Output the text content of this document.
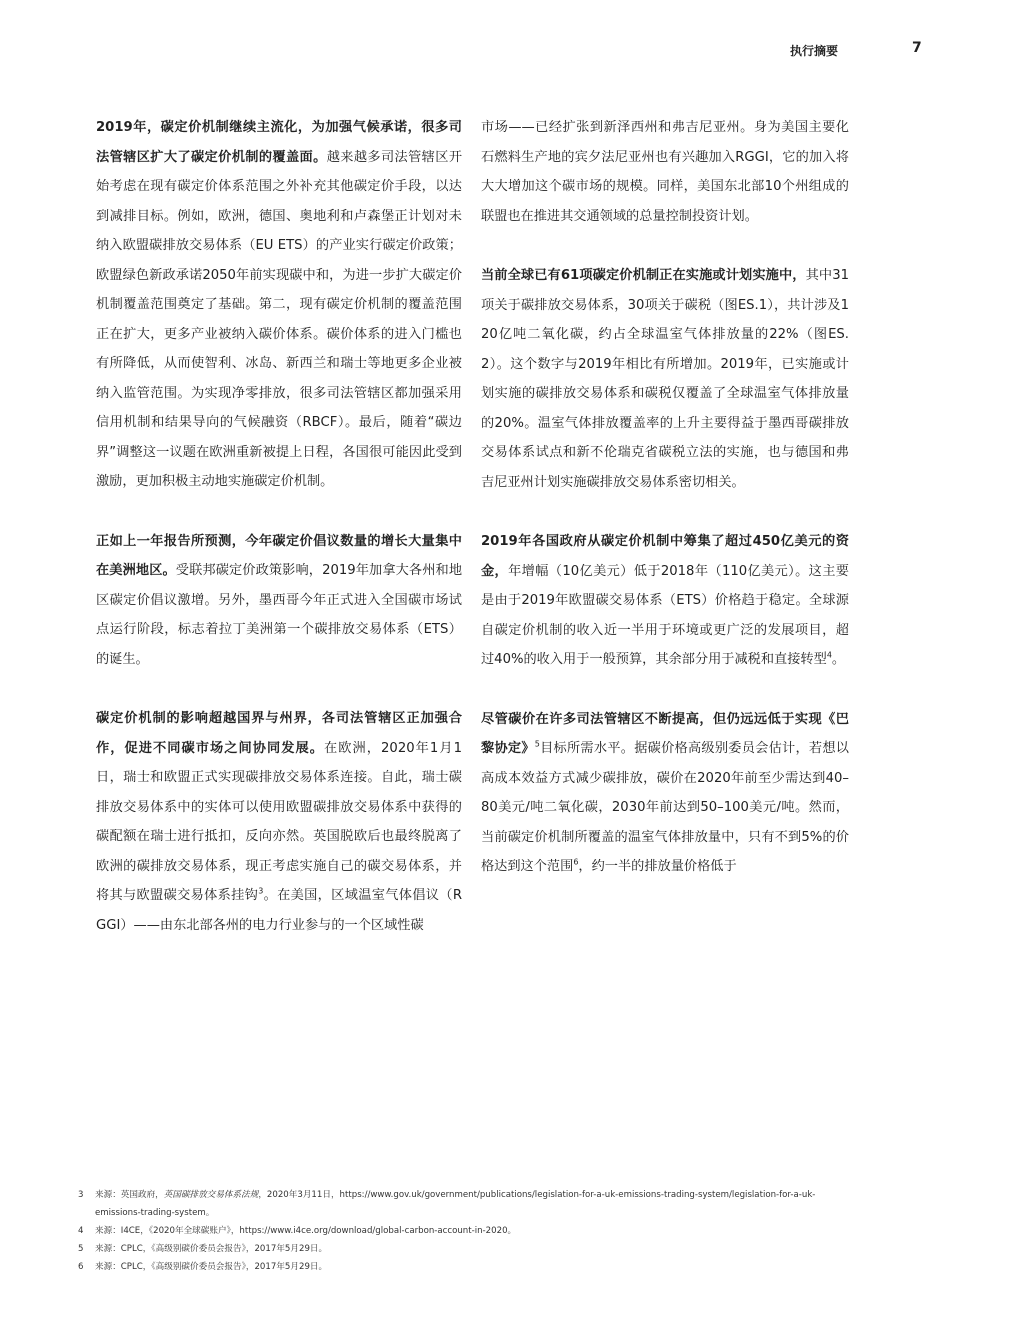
执行摘要	7

2019年，碳定价机制继续主流化，为加强气候承诺，很多司法管辖区扩大了碳定价机制的覆盖面。越来越多司法管辖区开始考虑在现有碳定价体系范围之外补充其他碳定价手段，以达到减排目标。例如，欧洲，德国、奥地利和卢森堡正计划对未纳入欧盟碳排放交易体系（EU ETS）的产业实行碳定价政策；欧盟绿色新政承诺2050年前实现碳中和，为进一步扩大碳定价机制覆盖范围奠定了基础。第二，现有碳定价机制的覆盖范围正在扩大，更多产业被纳入碳价体系。碳价体系的进入门槛也有所降低，从而使智利、冰岛、新西兰和瑞士等地更多企业被纳入监管范围。为实现净零排放，很多司法管辖区都加强采用信用机制和结果导向的气候融资（RBCF）。最后，随着“碳边界”调整这一议题在欧洲重新被提上日程，各国很可能因此受到激励，更加积极主动地实施碳定价机制。

正如上一年报告所预测，今年碳定价倡议数量的增长大量集中在美洲地区。受联邦碳定价政策影响，2019年加拿大各州和地区碳定价倡议激增。另外，墨西哥今年正式进入全国碳市场试点运行阶段，标志着拉丁美洲第一个碳排放交易体系（ETS）的诞生。

碳定价机制的影响超越国界与州界，各司法管辖区正加强合作，促进不同碳市场之间协同发展。在欧洲，2020年1月1日，瑞士和欧盟正式实现碳排放交易体系连接。自此，瑞士碳排放交易体系中的实体可以使用欧盟碳排放交易体系中获得的碳配额在瑞士进行抵扣，反向亦然。英国脱欧后也最终脱离了欧洲的碳排放交易体系，现正考虑实施自己的碳交易体系，并将其与欧盟碳交易体系挂钩$^3$。在美国，区域温室气体倡议（RGGI）——由东北部各州的电力行业参与的一个区域性碳

市场——已经扩张到新泽西州和弗吉尼亚州。身为美国主要化石燃料生产地的宾夕法尼亚州也有兴趣加入RGGI，它的加入将大大增加这个碳市场的规模。同样，美国东北部10个州组成的联盟也在推进其交通领域的总量控制投资计划。

当前全球已有61项碳定价机制正在实施或计划实施中，其中31项关于碳排放交易体系，30项关于碳税（图ES.1），共计涉及120亿吨二氧化碳，约占全球温室气体排放量的22%（图ES.2）。这个数字与2019年相比有所增加。2019年，已实施或计划实施的碳排放交易体系和碳税仅覆盖了全球温室气体排放量的20%。温室气体排放覆盖率的上升主要得益于墨西哥碳排放交易体系试点和新不伦瑞克省碳税立法的实施，也与德国和弗吉尼亚州计划实施碳排放交易体系密切相关。

2019年各国政府从碳定价机制中筹集了超过450亿美元的资金，年增幅（10亿美元）低于2018年（110亿美元）。这主要是由于2019年欧盟碳交易体系（ETS）价格趋于稳定。全球源自碳定价机制的收入近一半用于环境或更广泛的发展项目，超过40%的收入用于一般预算，其余部分用于减税和直接转型$^4$。

尽管碳价在许多司法管辖区不断提高，但仍远远低于实现《巴黎协定》$^5$目标所需水平。据碳价格高级别委员会估计，若想以高成本效益方式减少碳排放，碳价在2020年前至少需达到40–80美元/吨二氧化碳，2030年前达到50–100美元/吨。然而，当前碳定价机制所覆盖的温室气体排放量中，只有不到5%的价格达到这个范围$^6$，约一半的排放量价格低于

3 来源：英国政府，英国碳排放交易体系法规，2020年3月11日，https://www.gov.uk/government/publications/legislation-for-a-uk-emissions-trading-system/legislation-for-a-uk-emissions-trading-system。
4 来源：I4CE，《2020年全球碳账户》，https://www.i4ce.org/download/global-carbon-account-in-2020。
5 来源：CPLC，《高级别碳价委员会报告》，2017年5月29日。
6 来源：CPLC，《高级别碳价委员会报告》，2017年5月29日。
